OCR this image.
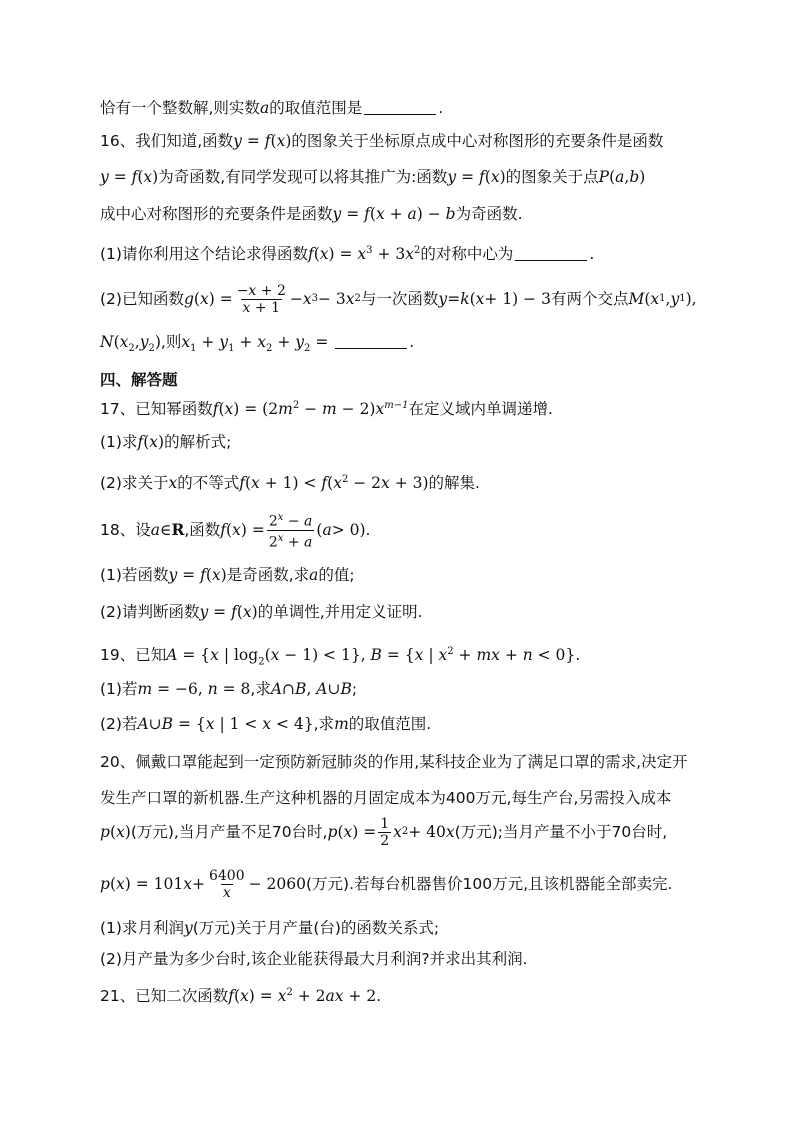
恰有一个整数解,则实数a的取值范围是	.
16、我们知道,函数y = f(x)的图象关于坐标原点成中心对称图形的充要条件是函数
y = f(x)为奇函数,有同学发现可以将其推广为:函数y = f(x)的图象关于点P(a,b)
成中心对称图形的充要条件是函数y = f(x + a) − b为奇函数.
(1)请你利用这个结论求得函数$f(x) = x^3 + 3x^2$的对称中心为	.
(2)已知函数 g ( x ) = $\frac{-x + 2}{x + 1} - x$ 3 − 3 x 2 与一次函数 y = k ( x + 1) − 3 有两个交点 M ( x 1 , y 1 ),
$N(x_2,y_2)$,则$x_1 + y_1 + x_2 + y_2$ =	.
四、解答题
17、已知幂函数$f(x) = (2m^2 - m - 2)x^{m-1}$在定义域内单调递增.
(1)求f(x)的解析式;
(2)求关于x的不等式$f(x + 1) < f(x^2 - 2x + 3)$的解集.
18、设 a ∈ R ,函数 f ( x ) = $\frac{2^x - a}{2^x + a}$ ( a > 0) .
(1)若函数y = f(x)是奇函数,求a的值;
(2)请判断函数y = f(x)的单调性,并用定义证明.
19、已知A = {x | $\log_2(x - 1) < 1$}, B = {x | $x^2$ + mx + n < 0}.
(1)若m = −6, n = 8,求A∩B, A∪B;
(2)若A∪B = {x | 1 < x < 4},求m的取值范围.
20、佩戴口罩能起到一定预防新冠肺炎的作用,某科技企业为了满足口罩的需求,决定开
发生产口罩的新机器.生产这种机器的月固定成本为400万元,每生产台,另需投入成本
p ( x ) (万元),当月产量不足70台时, p ( x ) = $\frac{1}{2}$ x 2 + 40 x (万元);当月产量不小于70台时,
p ( x ) = 101 $x + \frac{6400}{x} - 2060$ (万元).若每台机器售价100万元,且该机器能全部卖完.
(1)求月利润y(万元)关于月产量(台)的函数关系式;
(2)月产量为多少台时,该企业能获得最大月利润?并求出其利润.
21、已知二次函数$f(x) = x^2 + 2ax + 2$.
